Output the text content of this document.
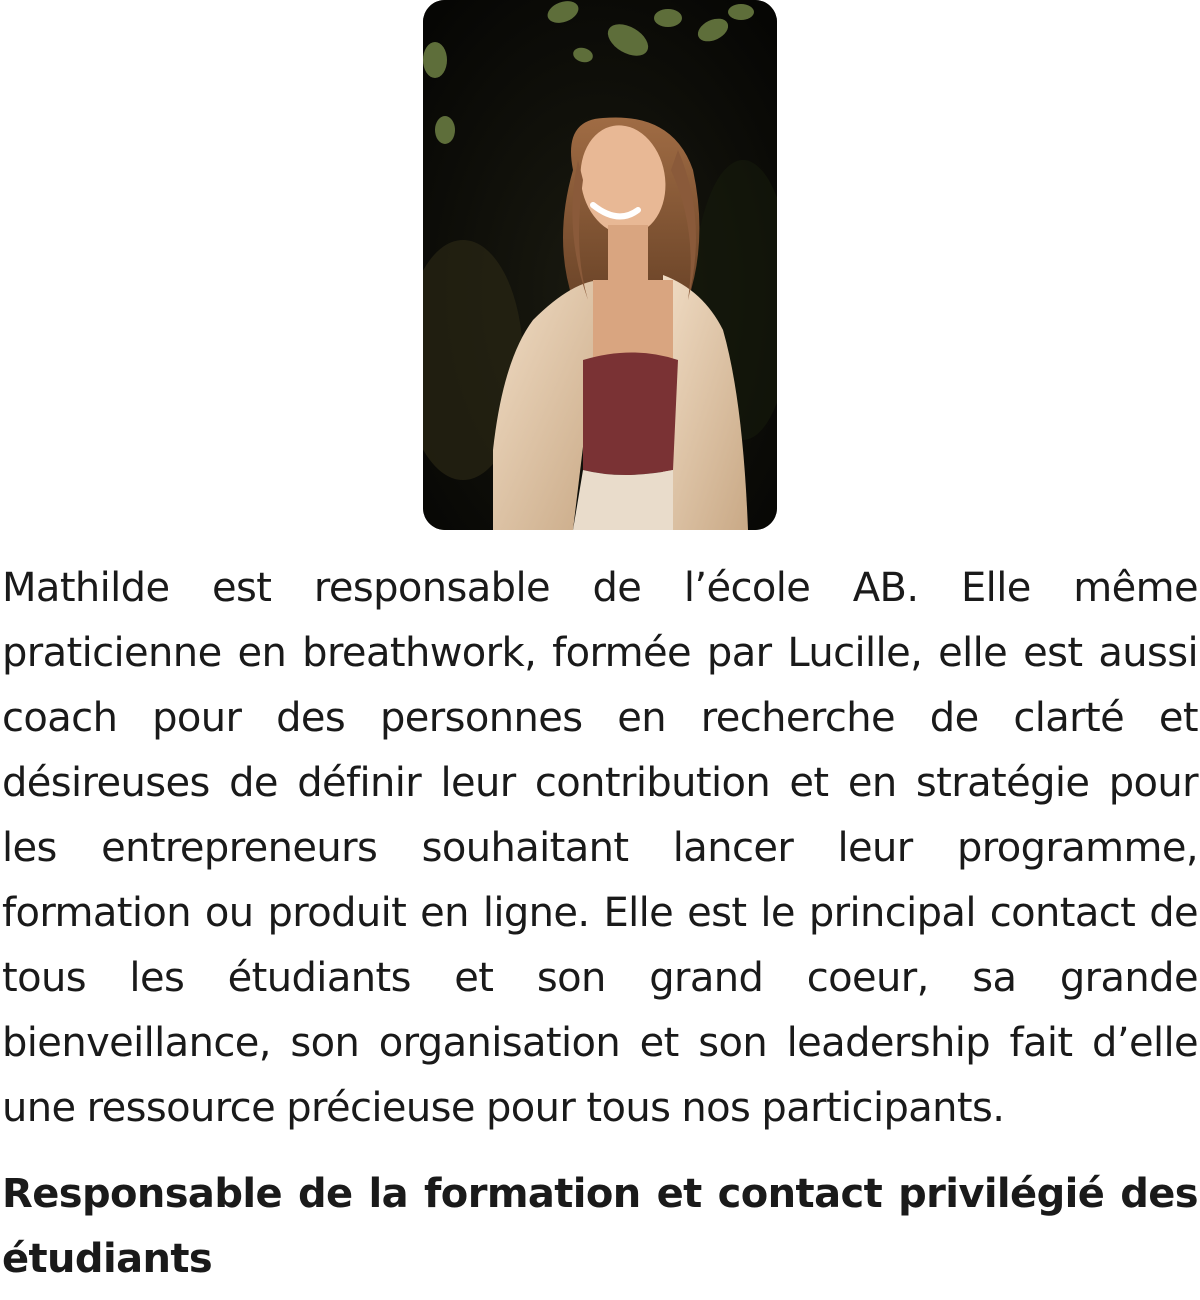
Mathilde est responsable de l’école AB. Elle même praticienne en breathwork, formée par Lucille, elle est aussi coach pour des personnes en recherche de clarté et désireuses de définir leur contribution et en stratégie pour les entrepreneurs souhaitant lancer leur programme, formation ou produit en ligne. Elle est le principal contact de tous les étudiants et son grand coeur, sa grande bienveillance, son organisation et son leadership fait d’elle une ressource précieuse pour tous nos participants.

Responsable de la formation et contact privilégié des étudiants
